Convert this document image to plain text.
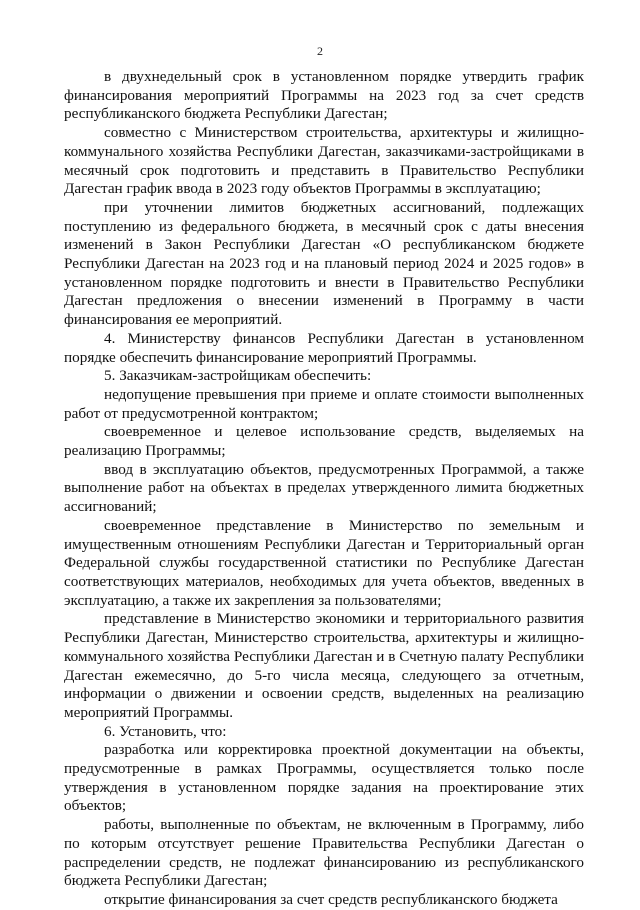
2

в двухнедельный срок в установленном порядке утвердить график финансирования мероприятий Программы на 2023 год за счет средств республиканского бюджета Республики Дагестан;

совместно с Министерством строительства, архитектуры и жилищно-коммунального хозяйства Республики Дагестан, заказчиками-застройщиками в месячный срок подготовить и представить в Правительство Республики Дагестан график ввода в 2023 году объектов Программы в эксплуатацию;

при уточнении лимитов бюджетных ассигнований, подлежащих поступлению из федерального бюджета, в месячный срок с даты внесения изменений в Закон Республики Дагестан «О республиканском бюджете Республики Дагестан на 2023 год и на плановый период 2024 и 2025 годов» в установленном порядке подготовить и внести в Правительство Республики Дагестан предложения о внесении изменений в Программу в части финансирования ее мероприятий.

4. Министерству финансов Республики Дагестан в установленном порядке обеспечить финансирование мероприятий Программы.

5. Заказчикам-застройщикам обеспечить:

недопущение превышения при приеме и оплате стоимости выполненных работ от предусмотренной контрактом;

своевременное и целевое использование средств, выделяемых на реализацию Программы;

ввод в эксплуатацию объектов, предусмотренных Программой, а также выполнение работ на объектах в пределах утвержденного лимита бюджетных ассигнований;

своевременное представление в Министерство по земельным и имущественным отношениям Республики Дагестан и Территориальный орган Федеральной службы государственной статистики по Республике Дагестан соответствующих материалов, необходимых для учета объектов, введенных в эксплуатацию, а также их закрепления за пользователями;

представление в Министерство экономики и территориального развития Республики Дагестан, Министерство строительства, архитектуры и жилищно-коммунального хозяйства Республики Дагестан и в Счетную палату Республики Дагестан ежемесячно, до 5-го числа месяца, следующего за отчетным, информации о движении и освоении средств, выделенных на реализацию мероприятий Программы.

6. Установить, что:

разработка или корректировка проектной документации на объекты, предусмотренные в рамках Программы, осуществляется только после утверждения в установленном порядке задания на проектирование этих объектов;

работы, выполненные по объектам, не включенным в Программу, либо по которым отсутствует решение Правительства Республики Дагестан о распределении средств, не подлежат финансированию из республиканского бюджета Республики Дагестан;

открытие финансирования за счет средств республиканского бюджета
